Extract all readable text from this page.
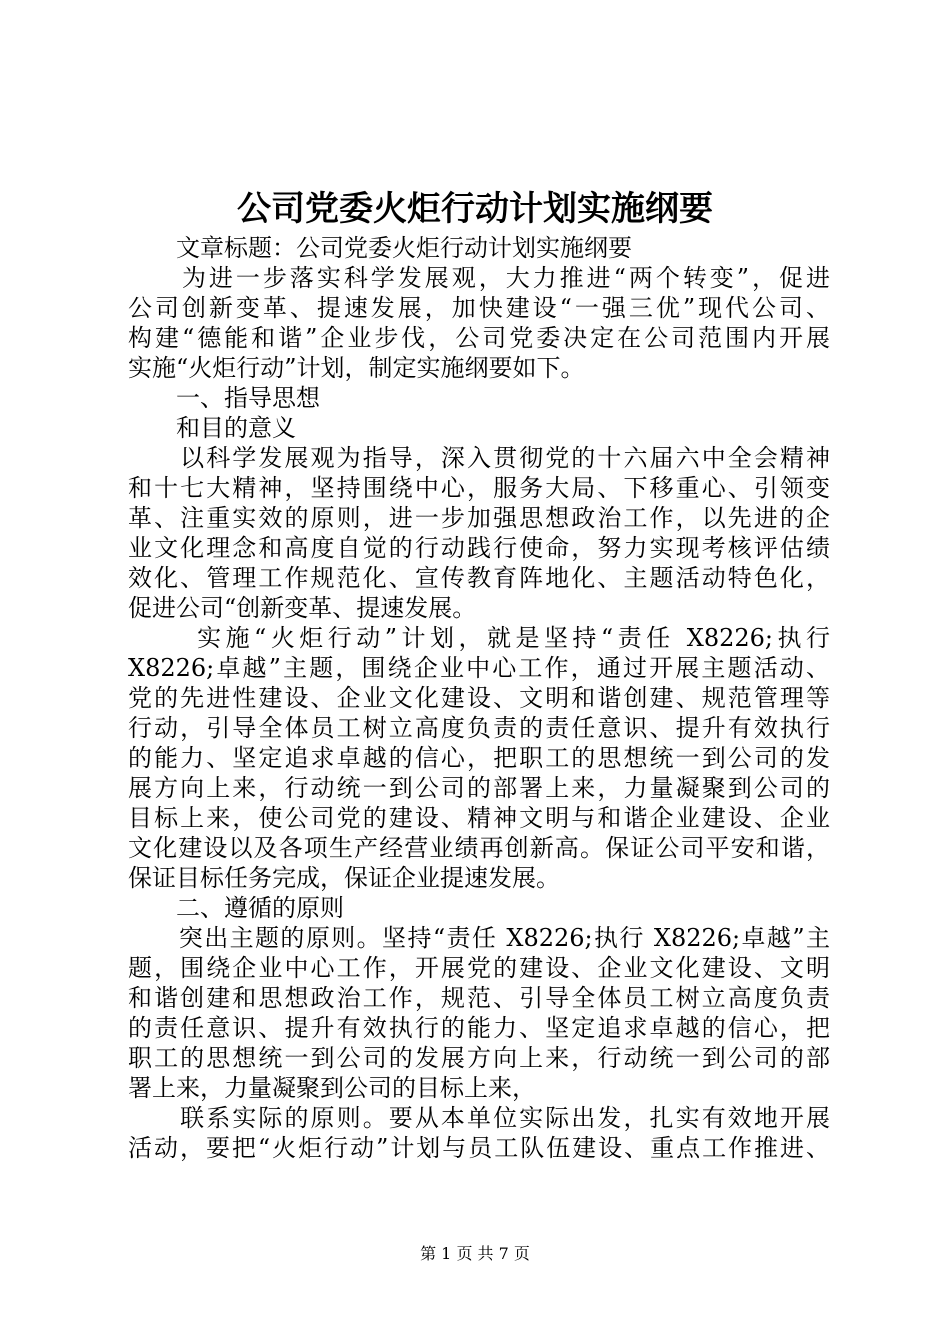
公司党委火炬行动计划实施纲要
　　文章标题：公司党委火炬行动计划实施纲要
　　为进一步落实科学发展观，大力推进“两个转变”，促进
公司创新变革、提速发展，加快建设“一强三优”现代公司、
构建“德能和谐”企业步伐，公司党委决定在公司范围内开展
实施“火炬行动”计划，制定实施纲要如下。
　　一、指导思想
　　和目的意义
　　以科学发展观为指导，深入贯彻党的十六届六中全会精神
和十七大精神，坚持围绕中心，服务大局、下移重心、引领变
革、注重实效的原则，进一步加强思想政治工作，以先进的企
业文化理念和高度自觉的行动践行使命，努力实现考核评估绩
效化、管理工作规范化、宣传教育阵地化、主题活动特色化，
促进公司“创新变革、提速发展。
　　 实施“火炬行动”计划，就是坚持“责任 X8226;执行
X8226;卓越”主题，围绕企业中心工作，通过开展主题活动、
党的先进性建设、企业文化建设、文明和谐创建、规范管理等
行动，引导全体员工树立高度负责的责任意识、提升有效执行
的能力、坚定追求卓越的信心，把职工的思想统一到公司的发
展方向上来，行动统一到公司的部署上来，力量凝聚到公司的
目标上来，使公司党的建设、精神文明与和谐企业建设、企业
文化建设以及各项生产经营业绩再创新高。保证公司平安和谐，
保证目标任务完成，保证企业提速发展。
　　二、遵循的原则
　　突出主题的原则。坚持“责任 X8226;执行 X8226;卓越”主
题，围绕企业中心工作，开展党的建设、企业文化建设、文明
和谐创建和思想政治工作，规范、引导全体员工树立高度负责
的责任意识、提升有效执行的能力、坚定追求卓越的信心，把
职工的思想统一到公司的发展方向上来，行动统一到公司的部
署上来，力量凝聚到公司的目标上来，
　　联系实际的原则。要从本单位实际出发，扎实有效地开展
活动，要把“火炬行动”计划与员工队伍建设、重点工作推进、
第 1 页 共 7 页
